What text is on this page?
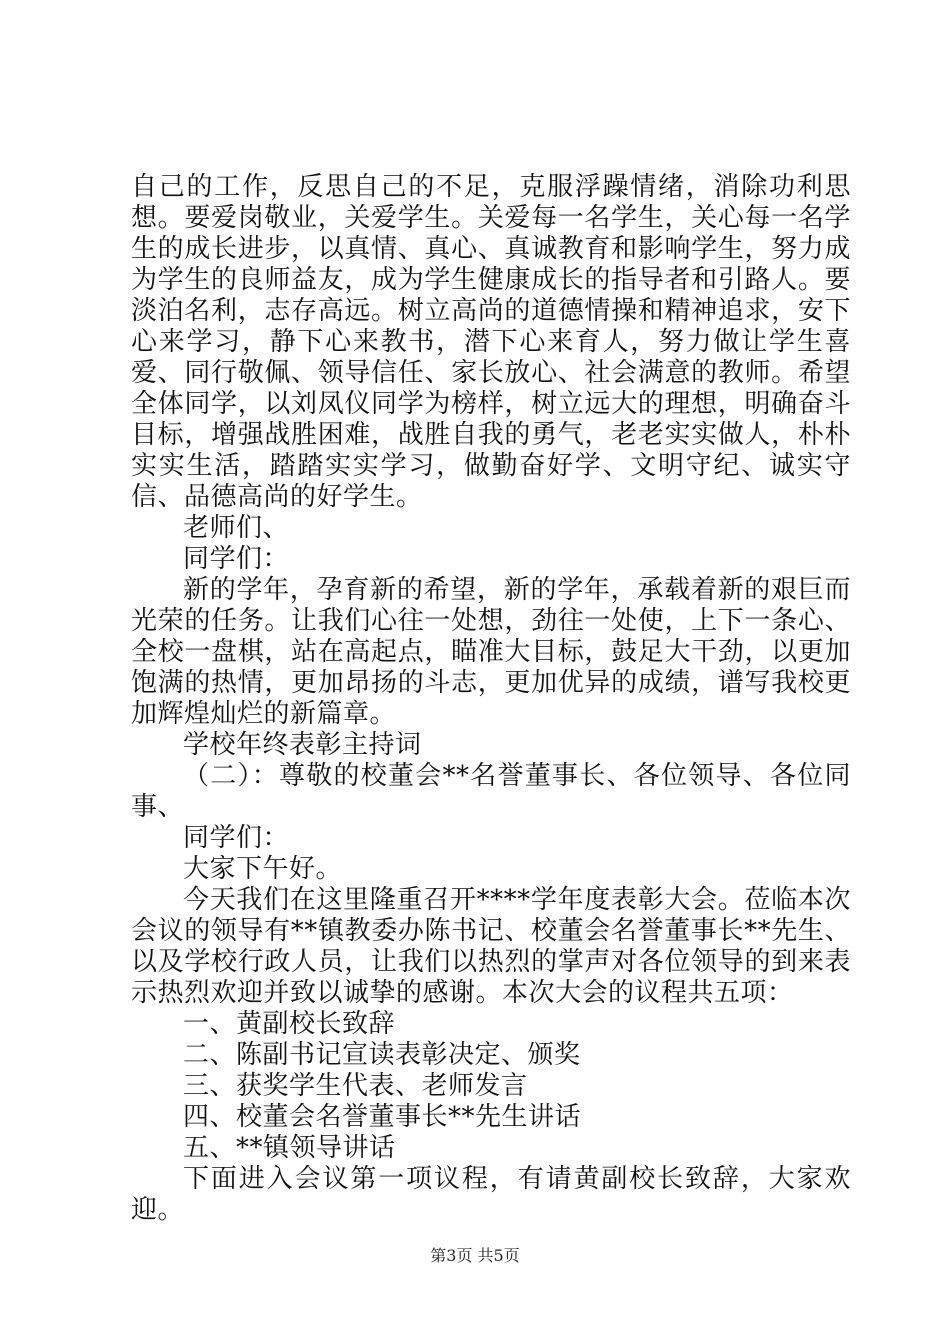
自己的工作，反思自己的不足，克服浮躁情绪，消除功利思想。要爱岗敬业，关爱学生。关爱每一名学生，关心每一名学生的成长进步，以真情、真心、真诚教育和影响学生，努力成为学生的良师益友，成为学生健康成长的指导者和引路人。要淡泊名利，志存高远。树立高尚的道德情操和精神追求，安下心来学习，静下心来教书，潜下心来育人，努力做让学生喜爱、同行敬佩、领导信任、家长放心、社会满意的教师。希望全体同学，以刘凤仪同学为榜样，树立远大的理想，明确奋斗目标，增强战胜困难，战胜自我的勇气，老老实实做人，朴朴实实生活，踏踏实实学习，做勤奋好学、文明守纪、诚实守信、品德高尚的好学生。

老师们、

同学们：

新的学年，孕育新的希望，新的学年，承载着新的艰巨而光荣的任务。让我们心往一处想，劲往一处使，上下一条心、全校一盘棋，站在高起点，瞄准大目标，鼓足大干劲，以更加饱满的热情，更加昂扬的斗志，更加优异的成绩，谱写我校更加辉煌灿烂的新篇章。

学校年终表彰主持词

（二）：尊敬的校董会**名誉董事长、各位领导、各位同事、

同学们：

大家下午好。

今天我们在这里隆重召开****学年度表彰大会。莅临本次会议的领导有**镇教委办陈书记、校董会名誉董事长**先生、以及学校行政人员，让我们以热烈的掌声对各位领导的到来表示热烈欢迎并致以诚挚的感谢。本次大会的议程共五项：

一、黄副校长致辞

二、陈副书记宣读表彰决定、颁奖

三、获奖学生代表、老师发言

四、校董会名誉董事长**先生讲话

五、**镇领导讲话

下面进入会议第一项议程，有请黄副校长致辞，大家欢迎。

第3页 共5页
